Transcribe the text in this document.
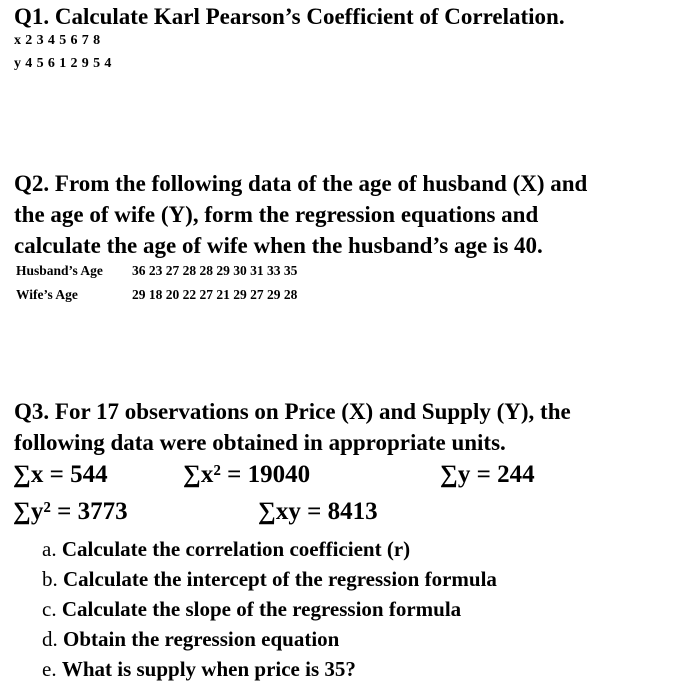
Q1. Calculate Karl Pearson’s Coefficient of Correlation.
x 2 3 4 5 6 7 8
y 4 5 6 1 2 9 5 4
Q2. From the following data of the age of husband (X) and
the age of wife (Y), form the regression equations and
calculate the age of wife when the husband’s age is 40.
Husband’s Age 36 23 27 28 28 29 30 31 33 35
Wife’s Age	29 18 20 22 27 21 29 27 29 28
Q3. For 17 observations on Price (X) and Supply (Y), the
following data were obtained in appropriate units.
∑x = 544	∑x² = 19040	∑y = 244
∑y² = 3773	∑xy = 8413
a. Calculate the correlation coefficient (r)
b. Calculate the intercept of the regression formula
c. Calculate the slope of the regression formula
d. Obtain the regression equation
e. What is supply when price is 35?
